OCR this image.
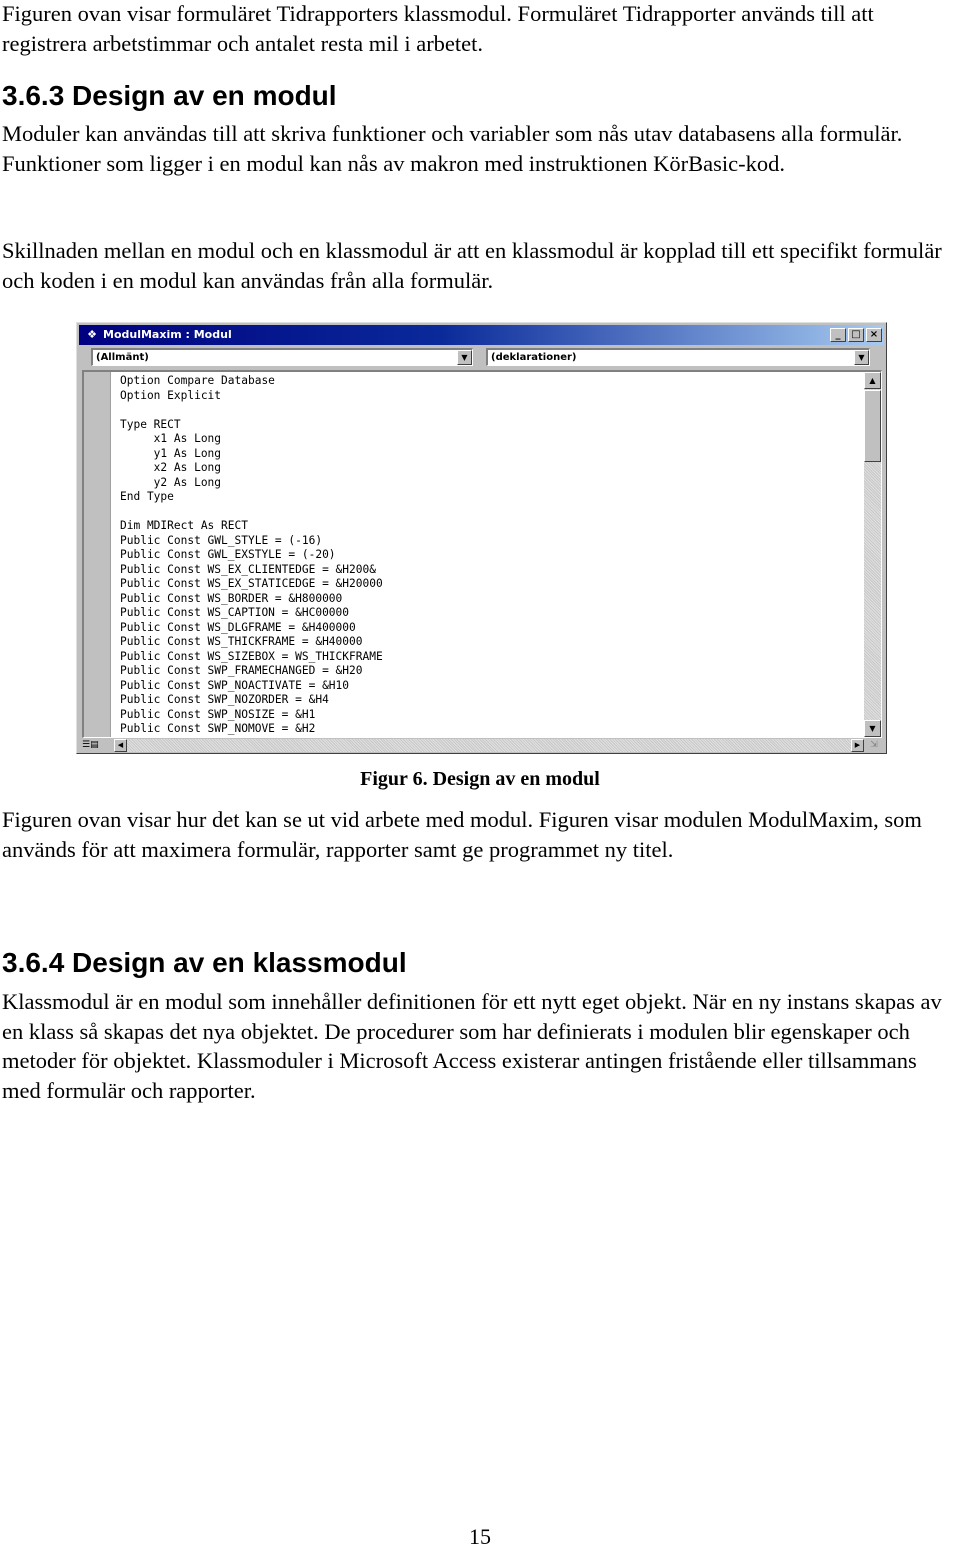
Figuren ovan visar formuläret Tidrapporters klassmodul. Formuläret Tidrapporter används till att registrera arbetstimmar och antalet resta mil i arbetet.

3.6.3 Design av en modul

Moduler kan användas till att skriva funktioner och variabler som nås utav databasens alla formulär. Funktioner som ligger i en modul kan nås av makron med instruktionen KörBasic-kod.

Skillnaden mellan en modul och en klassmodul är att en klassmodul är kopplad till ett specifikt formulär och koden i en modul kan användas från alla formulär.

❖ ModulMaxim : Modul	_	□ ×
(Allmänt)	▼	(deklarationer)	▼
Option Compare Database
Option Explicit

Type RECT
x1 As Long
y1 As Long
x2 As Long
y2 As Long
End Type

Dim MDIRect As RECT
Public Const GWL_STYLE = (-16)
Public Const GWL_EXSTYLE = (-20)
Public Const WS_EX_CLIENTEDGE = &H200&
Public Const WS_EX_STATICEDGE = &H20000
Public Const WS_BORDER = &H800000
Public Const WS_CAPTION = &HC00000
Public Const WS_DLGFRAME = &H400000
Public Const WS_THICKFRAME = &H40000
Public Const WS_SIZEBOX = WS_THICKFRAME
Public Const SWP_FRAMECHANGED = &H20
Public Const SWP_NOACTIVATE = &H10
Public Const SWP_NOZORDER = &H4
Public Const SWP_NOSIZE = &H1
Public Const SWP_NOMOVE = &H2

▲
▼
☰▤	◀	▶	⇲

Figur 6. Design av en modul

Figuren ovan visar hur det kan se ut vid arbete med modul. Figuren visar modulen ModulMaxim, som används för att maximera formulär, rapporter samt ge programmet ny titel.

3.6.4 Design av en klassmodul

Klassmodul är en modul som innehåller definitionen för ett nytt eget objekt. När en ny instans skapas av en klass så skapas det nya objektet. De procedurer som har definierats i modulen blir egenskaper och metoder för objektet. Klassmoduler i Microsoft Access existerar antingen fristående eller tillsammans med formulär och rapporter.

15
